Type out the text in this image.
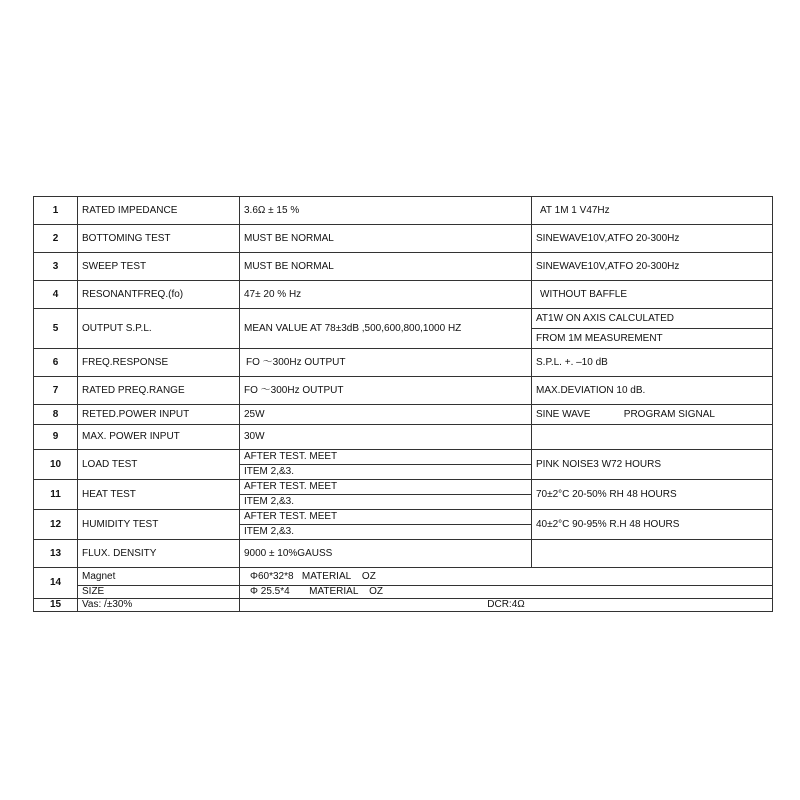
1	RATED IMPEDANCE	3.6Ω ± 15 %	AT 1M 1 V47Hz
2	BOTTOMING TEST	MUST BE NORMAL	SINEWAVE10V,ATFO 20-300Hz
3	SWEEP TEST	MUST BE NORMAL	SINEWAVE10V,ATFO 20-300Hz
4	RESONANTFREQ.(fo)	47± 20 % Hz	WITHOUT BAFFLE
5	OUTPUT S.P.L.	MEAN VALUE AT 78±3dB ,500,600,800,1000 HZ	AT1W ON AXIS CALCULATED
			FROM 1M MEASUREMENT
6	FREQ.RESPONSE	FO ～300Hz OUTPUT	S.P.L. +. –10 dB
7	RATED PREQ.RANGE	FO ～300Hz OUTPUT	MAX.DEVIATION 10 dB.
8	RETED.POWER INPUT	25W	SINE WAVE            PROGRAM SIGNAL
9	MAX. POWER INPUT	30W	
10	LOAD TEST	AFTER TEST. MEET	PINK NOISE3 W72 HOURS
		ITEM 2,&3.	
11	HEAT TEST	AFTER TEST. MEET	70±2°C 20-50% RH 48 HOURS
		ITEM 2,&3.	
12	HUMIDITY TEST	AFTER TEST. MEET	40±2°C 90-95% R.H 48 HOURS
		ITEM 2,&3.	
13	FLUX. DENSITY	9000 ± 10%GAUSS	
14	Magnet	Φ60*32*8   MATERIAL    OZ	
	SIZE	Φ 25.5*4       MATERIAL    OZ	
15	Vas: /±30%	DCR:4Ω	
